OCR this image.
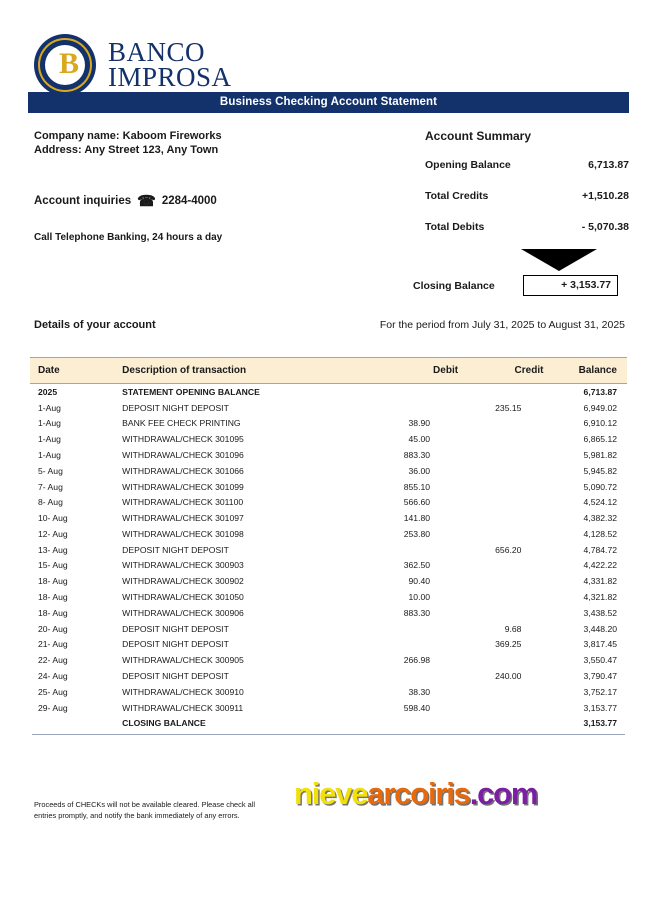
B	BANCO
IMPROSA
Business Checking Account Statement
Company name: Kaboom Fireworks
Address: Any Street 123, Any Town
Account inquiries ☎ 2284-4000
Call Telephone Banking, 24 hours a day
Account Summary
Opening Balance	6,713.87
Total Credits	+1,510.28
Total Debits	- 5,070.38
Closing Balance	+ 3,153.77
Details of your account	For the period from July 31, 2025 to August 31, 2025
Date	Description of transaction	Debit	Credit	Balance
2025	STATEMENT OPENING BALANCE			6,713.87
1-Aug	DEPOSIT NIGHT DEPOSIT		235.15	6,949.02
1-Aug	BANK FEE CHECK PRINTING	38.90		6,910.12
1-Aug	WITHDRAWAL/CHECK 301095	45.00		6,865.12
1-Aug	WITHDRAWAL/CHECK 301096	883.30		5,981.82
5- Aug	WITHDRAWAL/CHECK 301066	36.00		5,945.82
7- Aug	WITHDRAWAL/CHECK 301099	855.10		5,090.72
8- Aug	WITHDRAWAL/CHECK 301100	566.60		4,524.12
10- Aug	WITHDRAWAL/CHECK 301097	141.80		4,382.32
12- Aug	WITHDRAWAL/CHECK 301098	253.80		4,128.52
13- Aug	DEPOSIT NIGHT DEPOSIT		656.20	4,784.72
15- Aug	WITHDRAWAL/CHECK 300903	362.50		4,422.22
18- Aug	WITHDRAWAL/CHECK 300902	90.40		4,331.82
18- Aug	WITHDRAWAL/CHECK 301050	10.00		4,321.82
18- Aug	WITHDRAWAL/CHECK 300906	883.30		3,438.52
20- Aug	DEPOSIT NIGHT DEPOSIT		9.68	3,448.20
21- Aug	DEPOSIT NIGHT DEPOSIT		369.25	3,817.45
22- Aug	WITHDRAWAL/CHECK 300905	266.98		3,550.47
24- Aug	DEPOSIT NIGHT DEPOSIT		240.00	3,790.47
25- Aug	WITHDRAWAL/CHECK 300910	38.30		3,752.17
29- Aug	WITHDRAWAL/CHECK 300911	598.40		3,153.77
	CLOSING BALANCE			3,153.77
Proceeds of CHECKs will not be available cleared. Please check all entries promptly, and notify the bank immediately of any errors.
nievearcoiris.com
